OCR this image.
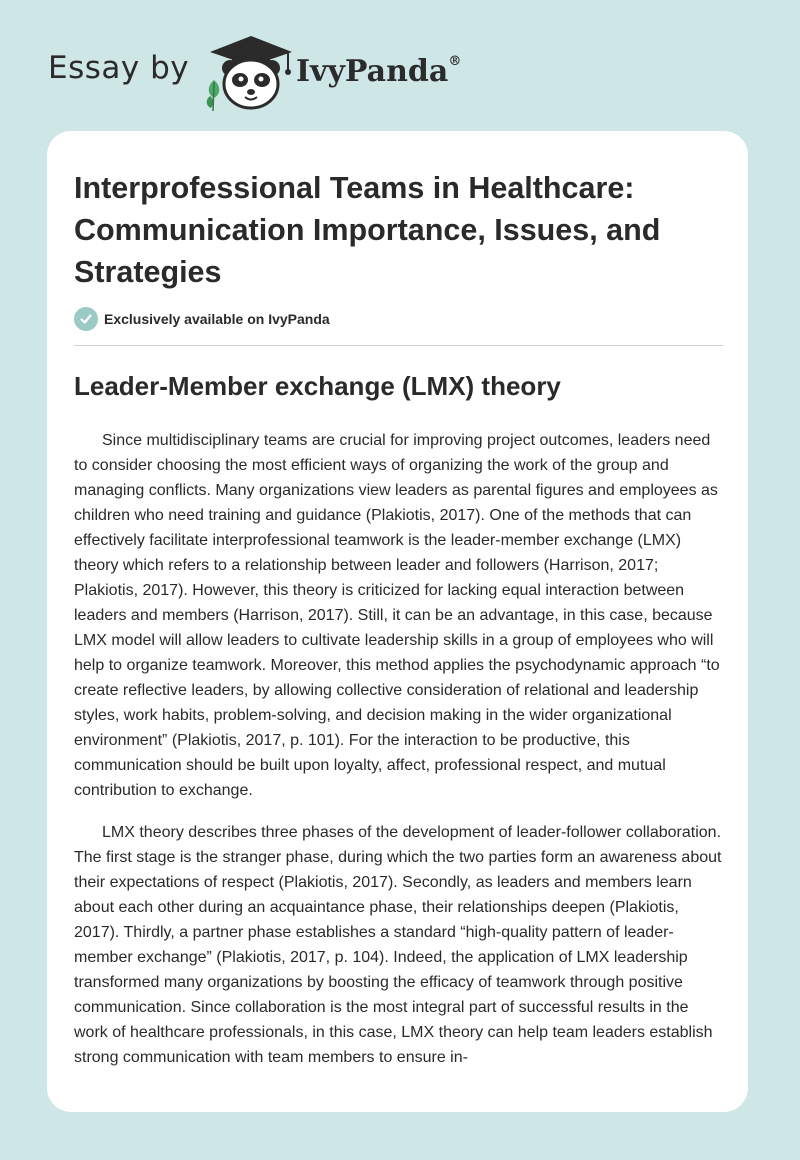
Essay by	IvyPanda®
Interprofessional Teams in Healthcare: Communication Importance, Issues, and Strategies
Exclusively available on IvyPanda
Leader-Member exchange (LMX) theory

Since multidisciplinary teams are crucial for improving project outcomes, leaders need to consider choosing the most efficient ways of organizing the work of the group and managing conflicts. Many organizations view leaders as parental figures and employees as children who need training and guidance (Plakiotis, 2017). One of the methods that can effectively facilitate interprofessional teamwork is the leader-member exchange (LMX) theory which refers to a relationship between leader and followers (Harrison, 2017; Plakiotis, 2017). However, this theory is criticized for lacking equal interaction between leaders and members (Harrison, 2017). Still, it can be an advantage, in this case, because LMX model will allow leaders to cultivate leadership skills in a group of employees who will help to organize teamwork. Moreover, this method applies the psychodynamic approach “to create reflective leaders, by allowing collective consideration of relational and leadership styles, work habits, problem-solving, and decision making in the wider organizational environment” (Plakiotis, 2017, p. 101). For the interaction to be productive, this communication should be built upon loyalty, affect, professional respect, and mutual contribution to exchange.

LMX theory describes three phases of the development of leader-follower collaboration. The first stage is the stranger phase, during which the two parties form an awareness about their expectations of respect (Plakiotis, 2017). Secondly, as leaders and members learn about each other during an acquaintance phase, their relationships deepen (Plakiotis, 2017). Thirdly, a partner phase establishes a standard “high-quality pattern of leader-member exchange” (Plakiotis, 2017, p. 104). Indeed, the application of LMX leadership transformed many organizations by boosting the efficacy of teamwork through positive communication. Since collaboration is the most integral part of successful results in the work of healthcare professionals, in this case, LMX theory can help team leaders establish strong communication with team members to ensure in-
